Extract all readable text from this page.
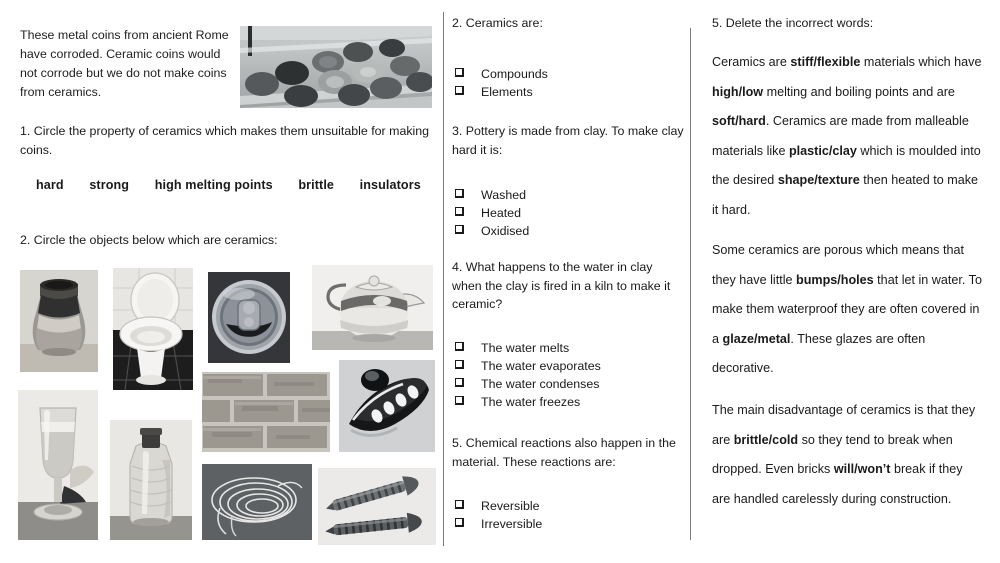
These metal coins from ancient Rome have corroded. Ceramic coins would not corrode but we do not make coins from ceramics.
1. Circle the property of ceramics which makes them unsuitable for making coins.
hard strong high melting points brittle insulators
2. Circle the objects below which are ceramics:

2. Ceramics are:

Compounds
Elements

3. Pottery is made from clay. To make clay hard it is:

Washed
Heated
Oxidised

4. What happens to the water in clay when the clay is fired in a kiln to make it ceramic?

The water melts
The water evaporates
The water condenses
The water freezes

5. Chemical reactions also happen in the material. These reactions are:

Reversible
Irreversible
5. Delete the incorrect words:
Ceramics are stiff/flexible materials which have high/low melting and boiling points and are soft/hard. Ceramics are made from malleable materials like plastic/clay which is moulded into the desired shape/texture then heated to make it hard.
Some ceramics are porous which means that they have little bumps/holes that let in water. To make them waterproof they are often covered in a glaze/metal. These glazes are often decorative.
The main disadvantage of ceramics is that they are brittle/cold so they tend to break when dropped. Even bricks will/won’t break if they are handled carelessly during construction.
